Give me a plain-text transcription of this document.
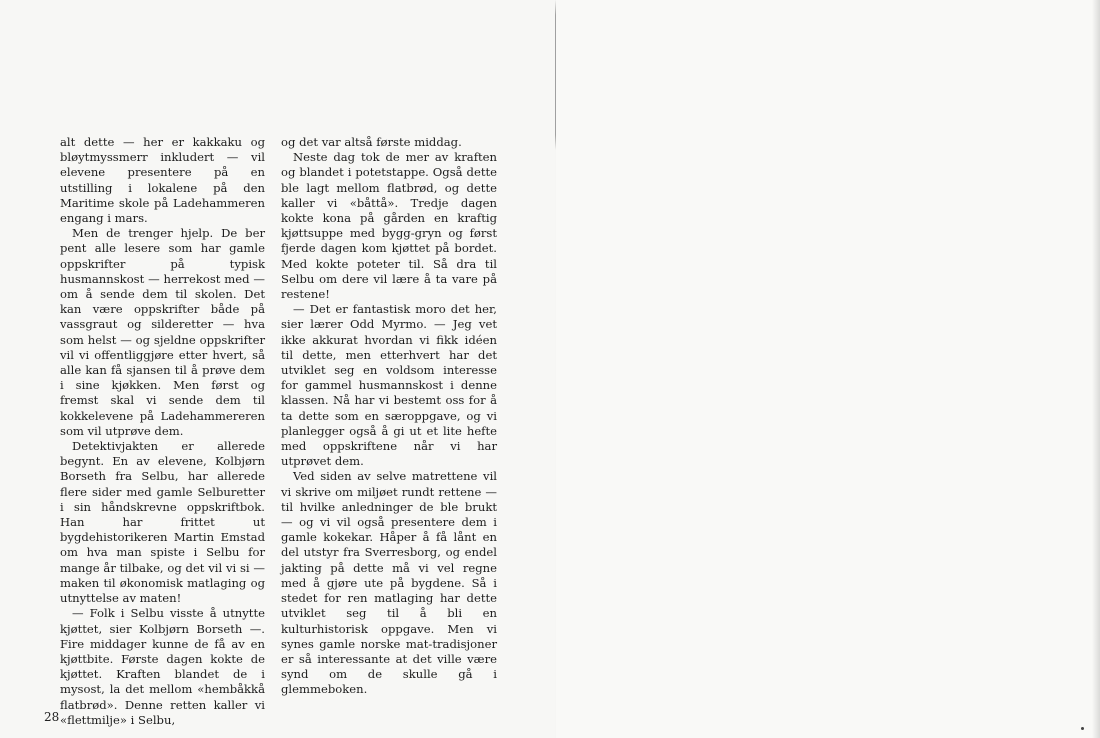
alt dette — her er kakkaku og bløytmyssmerr inkludert — vil elevene presentere på en utstilling i lokalene på den Maritime skole på Ladehammeren engang i mars.

Men de trenger hjelp. De ber pent alle lesere som har gamle oppskrifter på typisk husmannskost — herrekost med — om å sende dem til skolen. Det kan være oppskrifter både på vassgraut og silderetter — hva som helst — og sjeldne oppskrifter vil vi offentliggjøre etter hvert, så alle kan få sjansen til å prøve dem i sine kjøkken. Men først og fremst skal vi sende dem til kokkelevene på Ladehammereren som vil utprøve dem.

Detektivjakten er allerede begynt. En av elevene, Kolbjørn Borseth fra Selbu, har allerede flere sider med gamle Selburetter i sin håndskrevne oppskriftbok. Han har frittet ut bygdehistorikeren Martin Emstad om hva man spiste i Selbu for mange år tilbake, og det vil vi si — maken til økonomisk matlaging og utnyttelse av maten!

— Folk i Selbu visste å utnytte kjøttet, sier Kolbjørn Borseth —. Fire middager kunne de få av en kjøttbite. Første dagen kokte de kjøttet. Kraften blandet de i mysost, la det mellom «hembåkkå flatbrød». Denne retten kaller vi «flettmilje» i Selbu,

og det var altså første middag.

Neste dag tok de mer av kraften og blandet i potetstappe. Også dette ble lagt mellom flatbrød, og dette kaller vi «båttå». Tredje dagen kokte kona på gården en kraftig kjøttsuppe med bygg-gryn og først fjerde dagen kom kjøttet på bordet. Med kokte poteter til. Så dra til Selbu om dere vil lære å ta vare på restene!

— Det er fantastisk moro det her, sier lærer Odd Myrmo. — Jeg vet ikke akkurat hvordan vi fikk idéen til dette, men etterhvert har det utviklet seg en voldsom interesse for gammel husmannskost i denne klassen. Nå har vi bestemt oss for å ta dette som en særoppgave, og vi planlegger også å gi ut et lite hefte med oppskriftene når vi har utprøvet dem.

Ved siden av selve matrettene vil vi skrive om miljøet rundt rettene — til hvilke anledninger de ble brukt — og vi vil også presentere dem i gamle kokekar. Håper å få lånt en del utstyr fra Sverresborg, og endel jakting på dette må vi vel regne med å gjøre ute på bygdene. Så i stedet for ren matlaging har dette utviklet seg til å bli en kulturhistorisk oppgave. Men vi synes gamle norske mat-tradisjoner er så interessante at det ville være synd om de skulle gå i glemmeboken.

28
